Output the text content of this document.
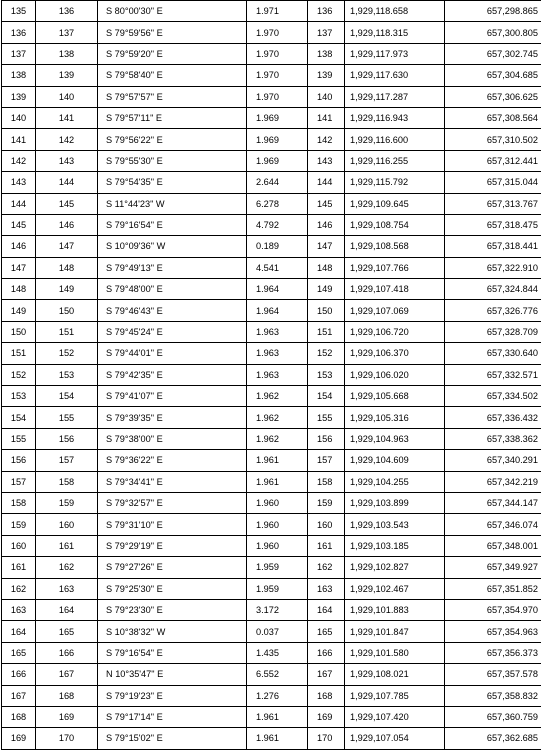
135	136	S 80°00'30" E	1.971	136	1,929,118.658	657,298.865
136	137	S 79°59'56" E	1.970	137	1,929,118.315	657,300.805
137	138	S 79°59'20" E	1.970	138	1,929,117.973	657,302.745
138	139	S 79°58'40" E	1.970	139	1,929,117.630	657,304.685
139	140	S 79°57'57" E	1.970	140	1,929,117.287	657,306.625
140	141	S 79°57'11" E	1.969	141	1,929,116.943	657,308.564
141	142	S 79°56'22" E	1.969	142	1,929,116.600	657,310.502
142	143	S 79°55'30" E	1.969	143	1,929,116.255	657,312.441
143	144	S 79°54'35" E	2.644	144	1,929,115.792	657,315.044
144	145	S 11°44'23" W	6.278	145	1,929,109.645	657,313.767
145	146	S 79°16'54" E	4.792	146	1,929,108.754	657,318.475
146	147	S 10°09'36" W	0.189	147	1,929,108.568	657,318.441
147	148	S 79°49'13" E	4.541	148	1,929,107.766	657,322.910
148	149	S 79°48'00" E	1.964	149	1,929,107.418	657,324.844
149	150	S 79°46'43" E	1.964	150	1,929,107.069	657,326.776
150	151	S 79°45'24" E	1.963	151	1,929,106.720	657,328.709
151	152	S 79°44'01" E	1.963	152	1,929,106.370	657,330.640
152	153	S 79°42'35" E	1.963	153	1,929,106.020	657,332.571
153	154	S 79°41'07" E	1.962	154	1,929,105.668	657,334.502
154	155	S 79°39'35" E	1.962	155	1,929,105.316	657,336.432
155	156	S 79°38'00" E	1.962	156	1,929,104.963	657,338.362
156	157	S 79°36'22" E	1.961	157	1,929,104.609	657,340.291
157	158	S 79°34'41" E	1.961	158	1,929,104.255	657,342.219
158	159	S 79°32'57" E	1.960	159	1,929,103.899	657,344.147
159	160	S 79°31'10" E	1.960	160	1,929,103.543	657,346.074
160	161	S 79°29'19" E	1.960	161	1,929,103.185	657,348.001
161	162	S 79°27'26" E	1.959	162	1,929,102.827	657,349.927
162	163	S 79°25'30" E	1.959	163	1,929,102.467	657,351.852
163	164	S 79°23'30" E	3.172	164	1,929,101.883	657,354.970
164	165	S 10°38'32" W	0.037	165	1,929,101.847	657,354.963
165	166	S 79°16'54" E	1.435	166	1,929,101.580	657,356.373
166	167	N 10°35'47" E	6.552	167	1,929,108.021	657,357.578
167	168	S 79°19'23" E	1.276	168	1,929,107.785	657,358.832
168	169	S 79°17'14" E	1.961	169	1,929,107.420	657,360.759
169	170	S 79°15'02" E	1.961	170	1,929,107.054	657,362.685
